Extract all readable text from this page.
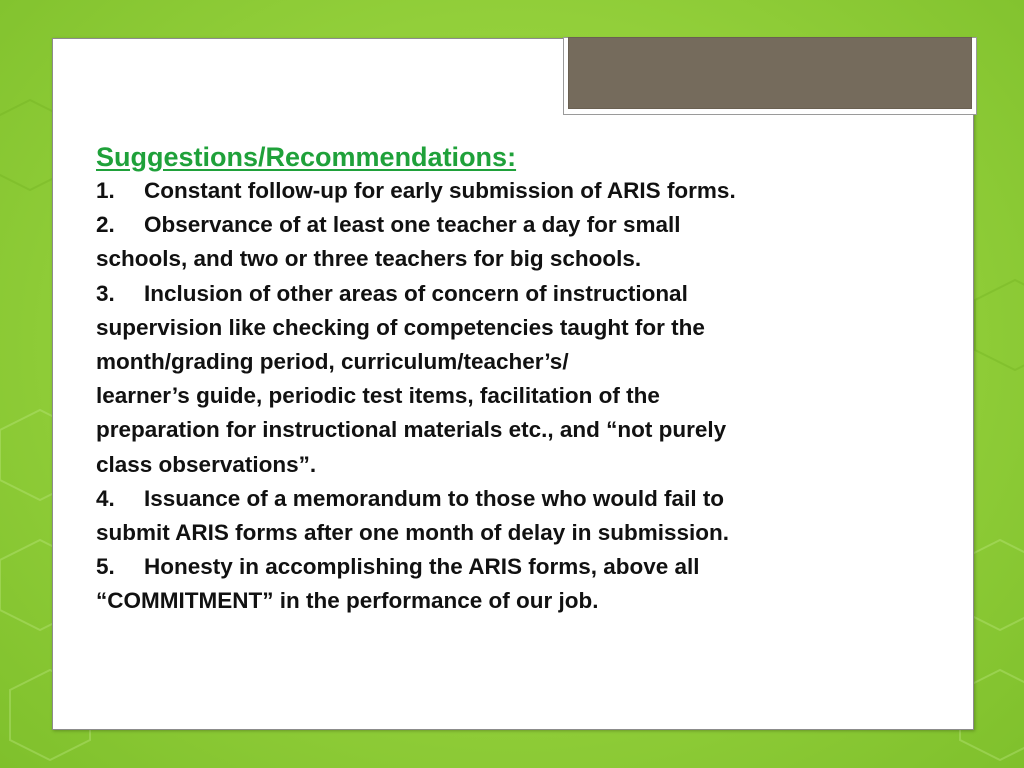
Suggestions/Recommendations:
1. Constant follow-up for early submission of ARIS forms.
2. Observance of at least one teacher a day for small
schools, and two or three teachers for big schools.
3. Inclusion of other areas of concern of instructional
supervision like checking of competencies taught for the
month/grading period, curriculum/teacher’s/
learner’s guide, periodic test items, facilitation of the
preparation for instructional materials etc., and “not purely
class observations”.
4. Issuance of a memorandum to those who would fail to
submit ARIS forms after one month of delay in submission.
5. Honesty in accomplishing the ARIS forms, above all
“COMMITMENT” in the performance of our job.
